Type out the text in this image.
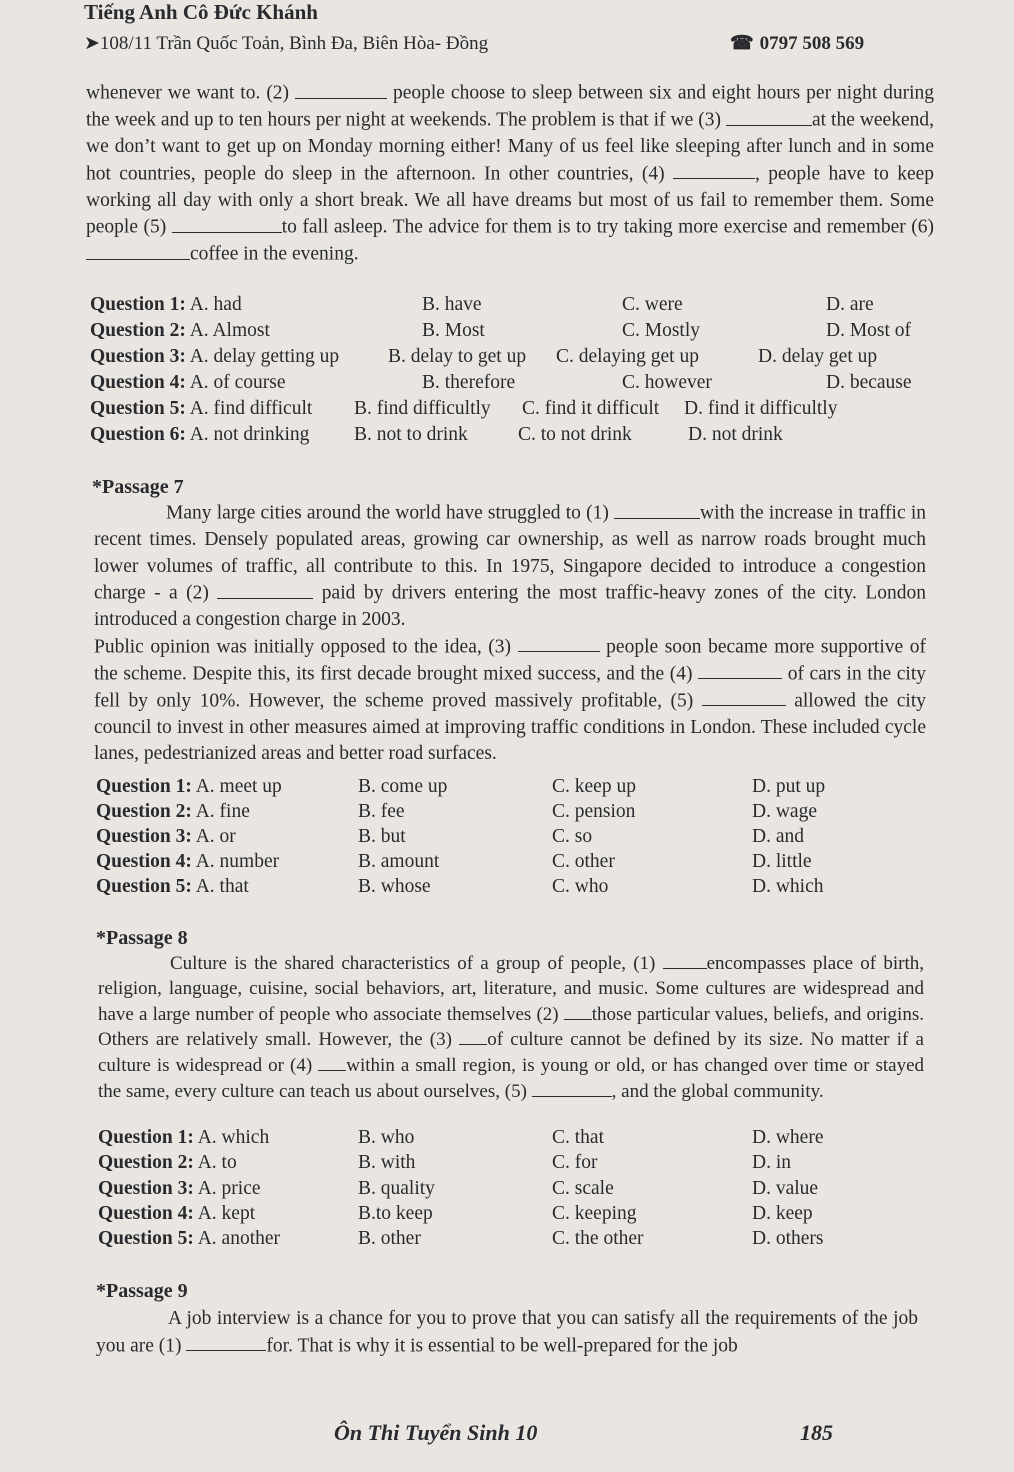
Tiếng Anh Cô Đức Khánh
➤108/11 Trần Quốc Toản, Bình Đa, Biên Hòa- Đồng	☎ 0797 508 569

whenever we want to. (2)	people choose to sleep between six and eight hours per night during the week and up to ten hours per night at weekends. The problem is that if we (3)	at the weekend, we don’t want to get up on Monday morning either! Many of us feel like sleeping after lunch and in some hot countries, people do sleep in the afternoon. In other countries, (4)	, people have to keep working all day with only a short break. We all have dreams but most of us fail to remember them. Some people (5)	to fall asleep. The advice for them is to try taking more exercise and remember (6) coffee in the evening.

Question 1: A. had	B. have	C. were	D. are
Question 2: A. Almost	B. Most	C. Mostly	D. Most of
Question 3: A. delay getting up	B. delay to get up C. delaying get up	D. delay get up
Question 4: A. of course	B. therefore	C. however	D. because
Question 5: A. find difficult B. find difficultly C. find it difficult D. find it difficultly
Question 6: A. not drinking B. not to drink	C. to not drink	D. not drink
*Passage 7

Many large cities around the world have struggled to (1)	with the increase in traffic in recent times. Densely populated areas, growing car ownership, as well as narrow roads brought much lower volumes of traffic, all contribute to this. In 1975, Singapore decided to introduce a congestion charge - a (2)	paid by drivers entering the most traffic-heavy zones of the city. London introduced a congestion charge in 2003.

Public opinion was initially opposed to the idea, (3)	people soon became more supportive of the scheme. Despite this, its first decade brought mixed success, and the (4)	of cars in the city fell by only 10%. However, the scheme proved massively profitable, (5)	allowed the city council to invest in other measures aimed at improving traffic conditions in London. These included cycle lanes, pedestrianized areas and better road surfaces.

Question 1: A. meet up	B. come up	C. keep up	D. put up
Question 2: A. fine	B. fee	C. pension	D. wage
Question 3: A. or	B. but	C. so	D. and
Question 4: A. number	B. amount	C. other	D. little
Question 5: A. that	B. whose	C. who	D. which
*Passage 8

Culture is the shared characteristics of a group of people, (1) encompasses place of birth, religion, language, cuisine, social behaviors, art, literature, and music. Some cultures are widespread and have a large number of people who associate themselves (2) those particular values, beliefs, and origins. Others are relatively small. However, the (3) of culture cannot be defined by its size. No matter if a culture is widespread or (4) within a small region, is young or old, or has changed over time or stayed the same, every culture can teach us about ourselves, (5)	, and the global community.

Question 1: A. which	B. who	C. that	D. where
Question 2: A. to	B. with	C. for	D. in
Question 3: A. price	B. quality	C. scale	D. value
Question 4: A. kept	B.to keep	C. keeping	D. keep
Question 5: A. another	B. other	C. the other	D. others
*Passage 9

A job interview is a chance for you to prove that you can satisfy all the requirements of the job you are (1)	for. That is why it is essential to be well-prepared for the job

Ôn Thi Tuyển Sinh 10	185
